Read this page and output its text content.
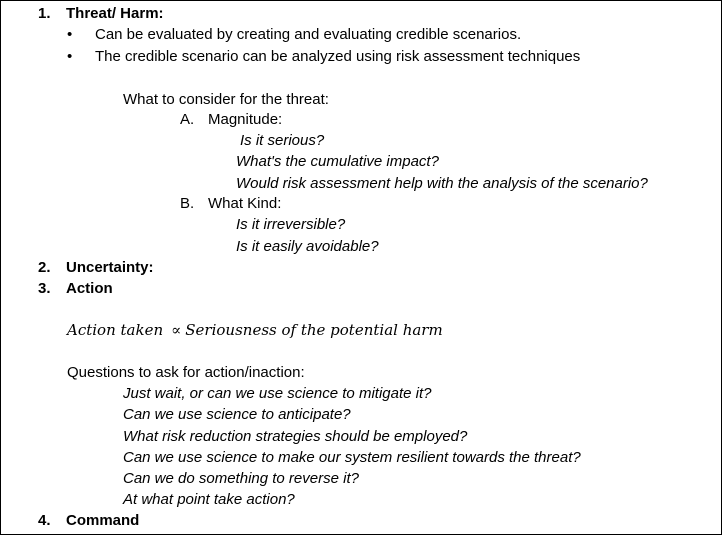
1. Threat/ Harm:
• Can be evaluated by creating and evaluating credible scenarios.
• The credible scenario can be analyzed using risk assessment techniques
What to consider for the threat:
A. Magnitude:
Is it serious?
What's the cumulative impact?
Would risk assessment help with the analysis of the scenario?
B. What Kind:
Is it irreversible?
Is it easily avoidable?
2. Uncertainty:
3. Action
Action taken ∝ Seriousness of the potential harm
Questions to ask for action/inaction:
Just wait, or can we use science to mitigate it?
Can we use science to anticipate?
What risk reduction strategies should be employed?
Can we use science to make our system resilient towards the threat?
Can we do something to reverse it?
At what point take action?
4. Command
